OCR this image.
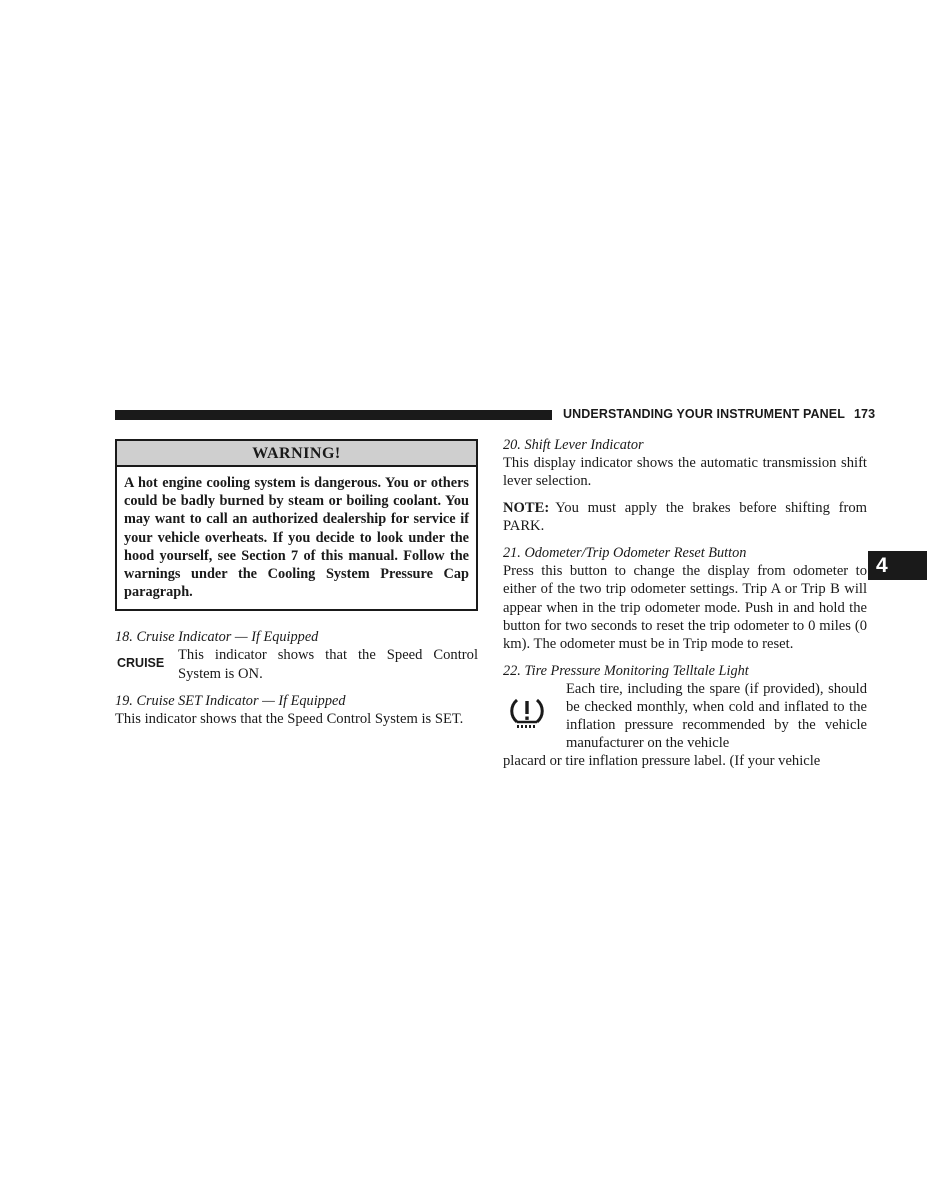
UNDERSTANDING YOUR INSTRUMENT PANEL 173
4
WARNING!
A hot engine cooling system is dangerous. You or others could be badly burned by steam or boiling coolant. You may want to call an authorized dealership for service if your vehicle overheats. If you decide to look under the hood yourself, see Section 7 of this manual. Follow the warnings under the Cooling System Pressure Cap paragraph.
18. Cruise Indicator — If Equipped
CRUISE This indicator shows that the Speed Control System is ON.
19. Cruise SET Indicator — If Equipped
This indicator shows that the Speed Control System is SET.
20. Shift Lever Indicator
This display indicator shows the automatic transmission shift lever selection.
NOTE: You must apply the brakes before shifting from PARK.
21. Odometer/Trip Odometer Reset Button
Press this button to change the display from odometer to either of the two trip odometer settings. Trip A or Trip B will appear when in the trip odometer mode. Push in and hold the button for two seconds to reset the trip odometer to 0 miles (0 km). The odometer must be in Trip mode to reset.
22. Tire Pressure Monitoring Telltale Light
Each tire, including the spare (if provided), should be checked monthly, when cold and inflated to the inflation pressure recommended by the vehicle manufacturer on the vehicle
placard or tire inflation pressure label. (If your vehicle
